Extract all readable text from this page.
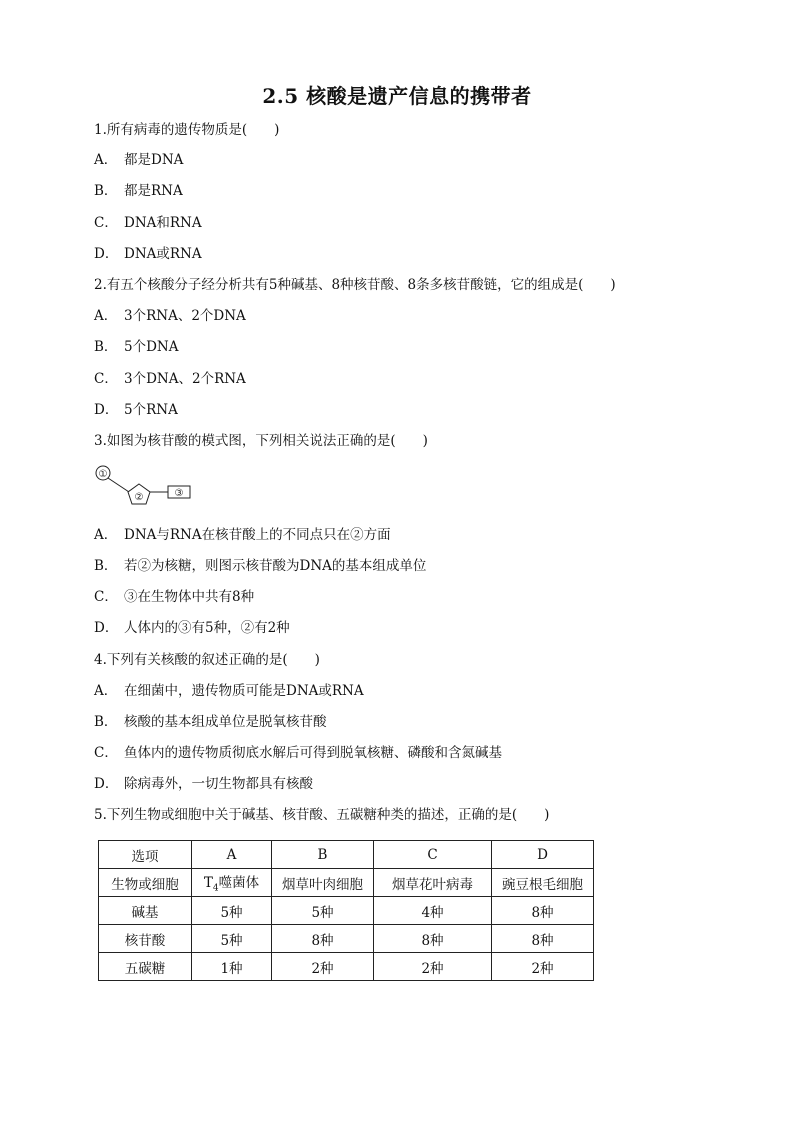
2.5 核酸是遗产信息的携带者
1.所有病毒的遗传物质是(　　)
A． 都是DNA
B． 都是RNA
C． DNA和RNA
D． DNA或RNA
2.有五个核酸分子经分析共有5种碱基、8种核苷酸、8条多核苷酸链，它的组成是(　　)
A． 3个RNA、2个DNA
B． 5个DNA
C． 3个DNA、2个RNA
D． 5个RNA
3.如图为核苷酸的模式图，下列相关说法正确的是(　　)
①
②	③
A． DNA与RNA在核苷酸上的不同点只在②方面
B． 若②为核糖，则图示核苷酸为DNA的基本组成单位
C． ③在生物体中共有8种
D． 人体内的③有5种，②有2种
4.下列有关核酸的叙述正确的是(　　)
A． 在细菌中，遗传物质可能是DNA或RNA
B． 核酸的基本组成单位是脱氧核苷酸
C． 鱼体内的遗传物质彻底水解后可得到脱氧核糖、磷酸和含氮碱基
D． 除病毒外，一切生物都具有核酸
5.下列生物或细胞中关于碱基、核苷酸、五碳糖种类的描述，正确的是(　　)
选项	A	B	C	D
生物或细胞	$T_4$噬菌体	烟草叶肉细胞	烟草花叶病毒	豌豆根毛细胞
碱基	5种	5种	4种	8种
核苷酸	5种	8种	8种	8种
五碳糖	1种	2种	2种	2种
